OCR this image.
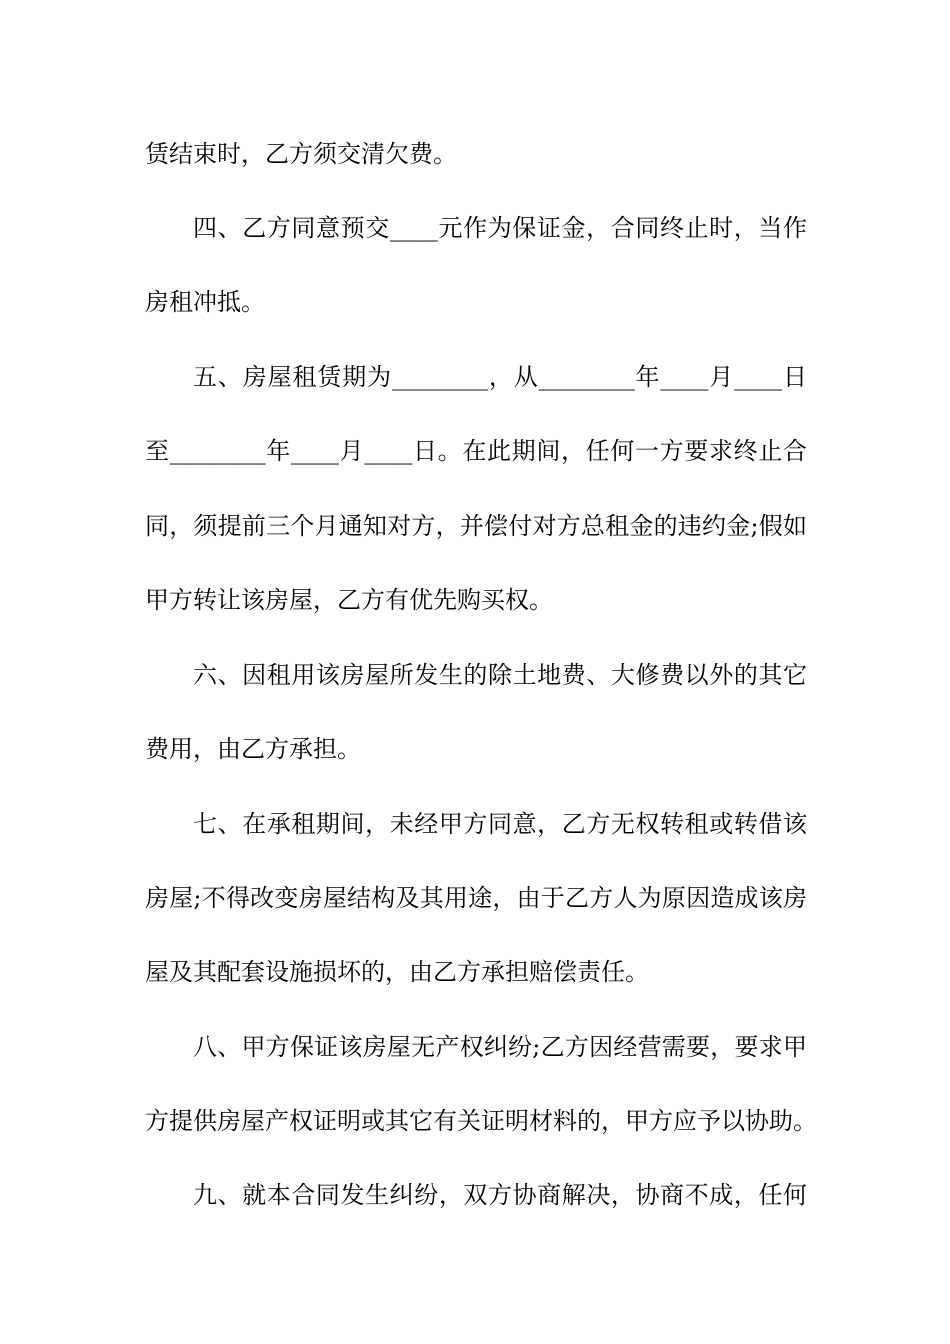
赁结束时，乙方须交清欠费。
四、乙方同意预交____元作为保证金，合同终止时，当作
房租冲抵。
五、房屋租赁期为________，从________年____月____日
至________年____月____日。在此期间，任何一方要求终止合
同，须提前三个月通知对方，并偿付对方总租金的违约金;假如
甲方转让该房屋，乙方有优先购买权。
六、因租用该房屋所发生的除土地费、大修费以外的其它
费用，由乙方承担。
七、在承租期间，未经甲方同意，乙方无权转租或转借该
房屋;不得改变房屋结构及其用途，由于乙方人为原因造成该房
屋及其配套设施损坏的，由乙方承担赔偿责任。
八、甲方保证该房屋无产权纠纷;乙方因经营需要，要求甲
方提供房屋产权证明或其它有关证明材料的，甲方应予以协助。
九、就本合同发生纠纷，双方协商解决，协商不成，任何
